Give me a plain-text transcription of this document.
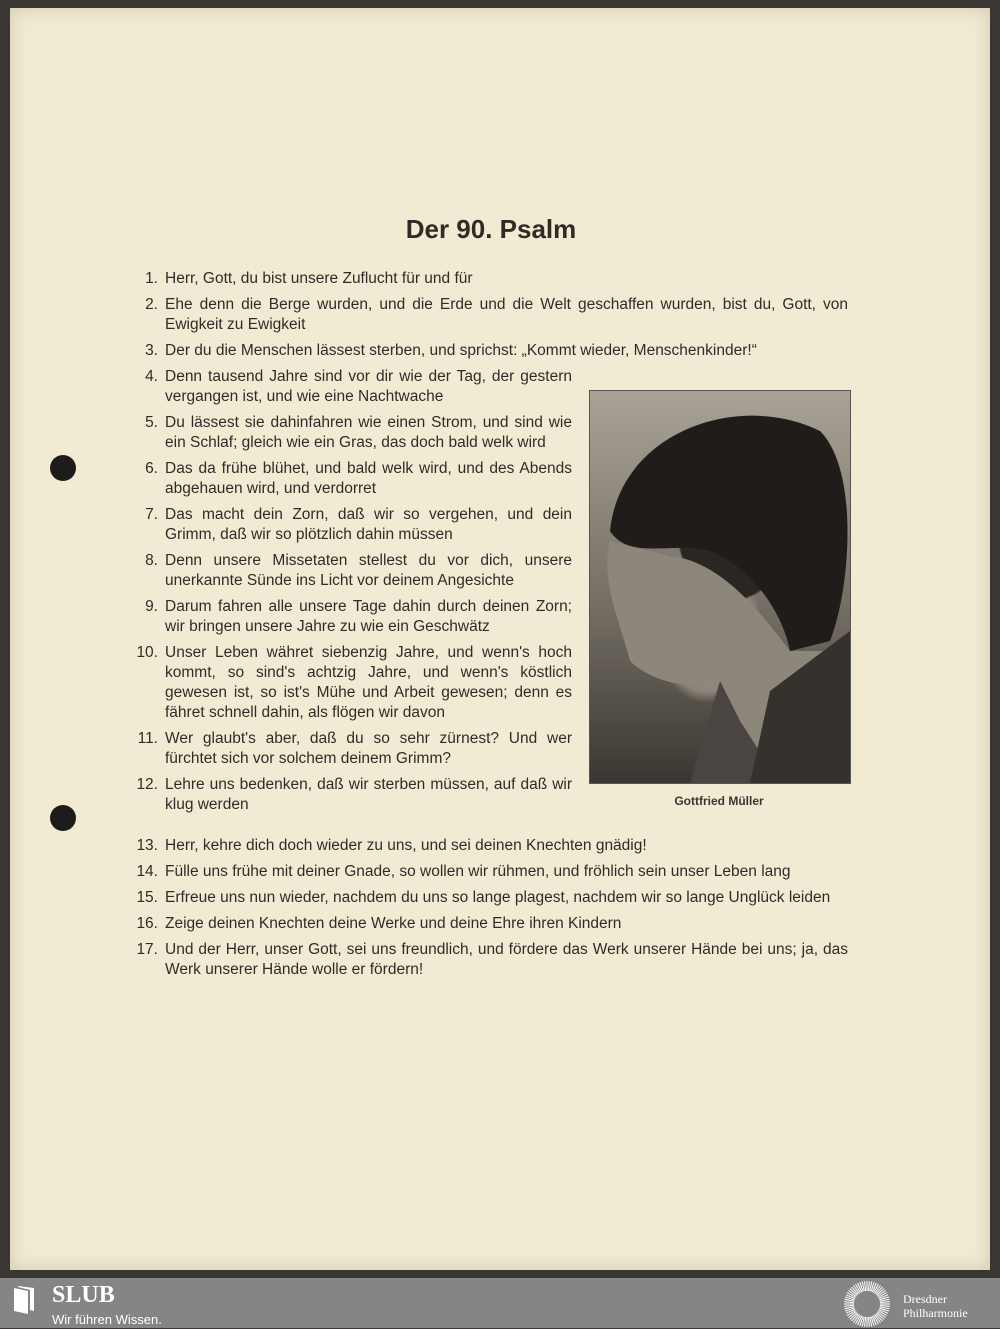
Der 90. Psalm
1. Herr, Gott, du bist unsere Zuflucht für und für
2. Ehe denn die Berge wurden, und die Erde und die Welt geschaffen wurden, bist du, Gott, von Ewigkeit zu Ewigkeit
3. Der du die Menschen lässest sterben, und sprichst: „Kommt wieder, Menschenkinder!“
4. Denn tausend Jahre sind vor dir wie der Tag, der gestern vergangen ist, und wie eine Nachtwache
5. Du lässest sie dahinfahren wie einen Strom, und sind wie ein Schlaf; gleich wie ein Gras, das doch bald welk wird
6. Das da frühe blühet, und bald welk wird, und des Abends abgehauen wird, und verdorret
7. Das macht dein Zorn, daß wir so vergehen, und dein Grimm, daß wir so plötzlich dahin müssen
8. Denn unsere Missetaten stellest du vor dich, unsere unerkannte Sünde ins Licht vor deinem Angesichte
9. Darum fahren alle unsere Tage dahin durch deinen Zorn; wir bringen unsere Jahre zu wie ein Geschwätz
10. Unser Leben währet siebenzig Jahre, und wenn's hoch kommt, so sind's achtzig Jahre, und wenn's köstlich gewesen ist, so ist's Mühe und Arbeit gewesen; denn es fähret schnell dahin, als flögen wir davon
11. Wer glaubt's aber, daß du so sehr zürnest? Und wer fürchtet sich vor solchem deinem Grimm?
12. Lehre uns bedenken, daß wir sterben müssen, auf daß wir klug werden
13. Herr, kehre dich doch wieder zu uns, und sei deinen Knechten gnädig!
14. Fülle uns frühe mit deiner Gnade, so wollen wir rühmen, und fröhlich sein unser Leben lang
15. Erfreue uns nun wieder, nachdem du uns so lange plagest, nachdem wir so lange Unglück leiden
16. Zeige deinen Knechten deine Werke und deine Ehre ihren Kindern
17. Und der Herr, unser Gott, sei uns freundlich, und fördere das Werk unserer Hände bei uns; ja, das Werk unserer Hände wolle er fördern!
Gottfried Müller
SLUB
Wir führen Wissen.
Dresdner
Philharmonie
